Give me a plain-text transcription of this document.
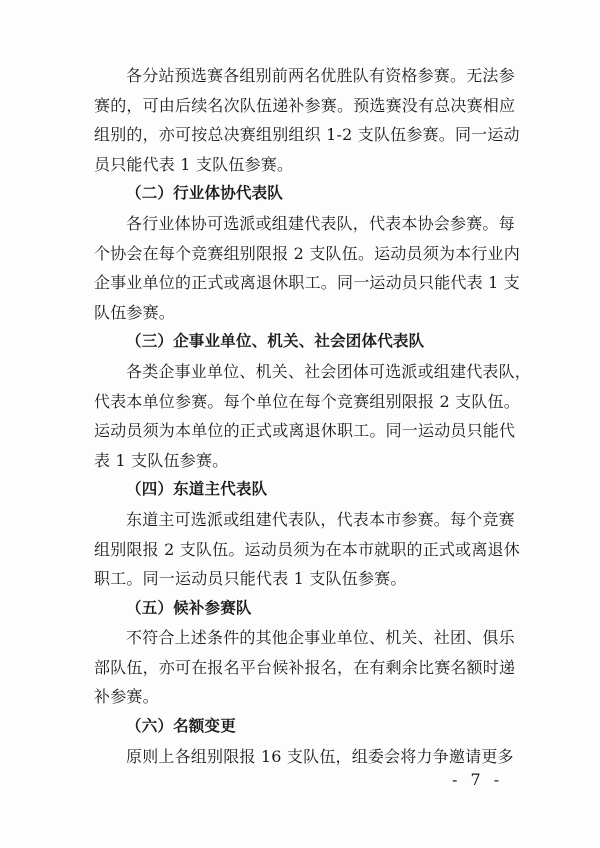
各分站预选赛各组别前两名优胜队有资格参赛。无法参
赛的，可由后续名次队伍递补参赛。预选赛没有总决赛相应
组别的，亦可按总决赛组别组织 1-2 支队伍参赛。同一运动
员只能代表 1 支队伍参赛。
（二）行业体协代表队
各行业体协可选派或组建代表队，代表本协会参赛。每
个协会在每个竞赛组别限报 2 支队伍。运动员须为本行业内
企事业单位的正式或离退休职工。同一运动员只能代表 1 支
队伍参赛。
（三）企事业单位、机关、社会团体代表队
各类企事业单位、机关、社会团体可选派或组建代表队，
代表本单位参赛。每个单位在每个竞赛组别限报 2 支队伍。
运动员须为本单位的正式或离退休职工。同一运动员只能代
表 1 支队伍参赛。
（四）东道主代表队
东道主可选派或组建代表队，代表本市参赛。每个竞赛
组别限报 2 支队伍。运动员须为在本市就职的正式或离退休
职工。同一运动员只能代表 1 支队伍参赛。
（五）候补参赛队
不符合上述条件的其他企事业单位、机关、社团、俱乐
部队伍，亦可在报名平台候补报名，在有剩余比赛名额时递
补参赛。
（六）名额变更
原则上各组别限报 16 支队伍，组委会将力争邀请更多
- 7 -
